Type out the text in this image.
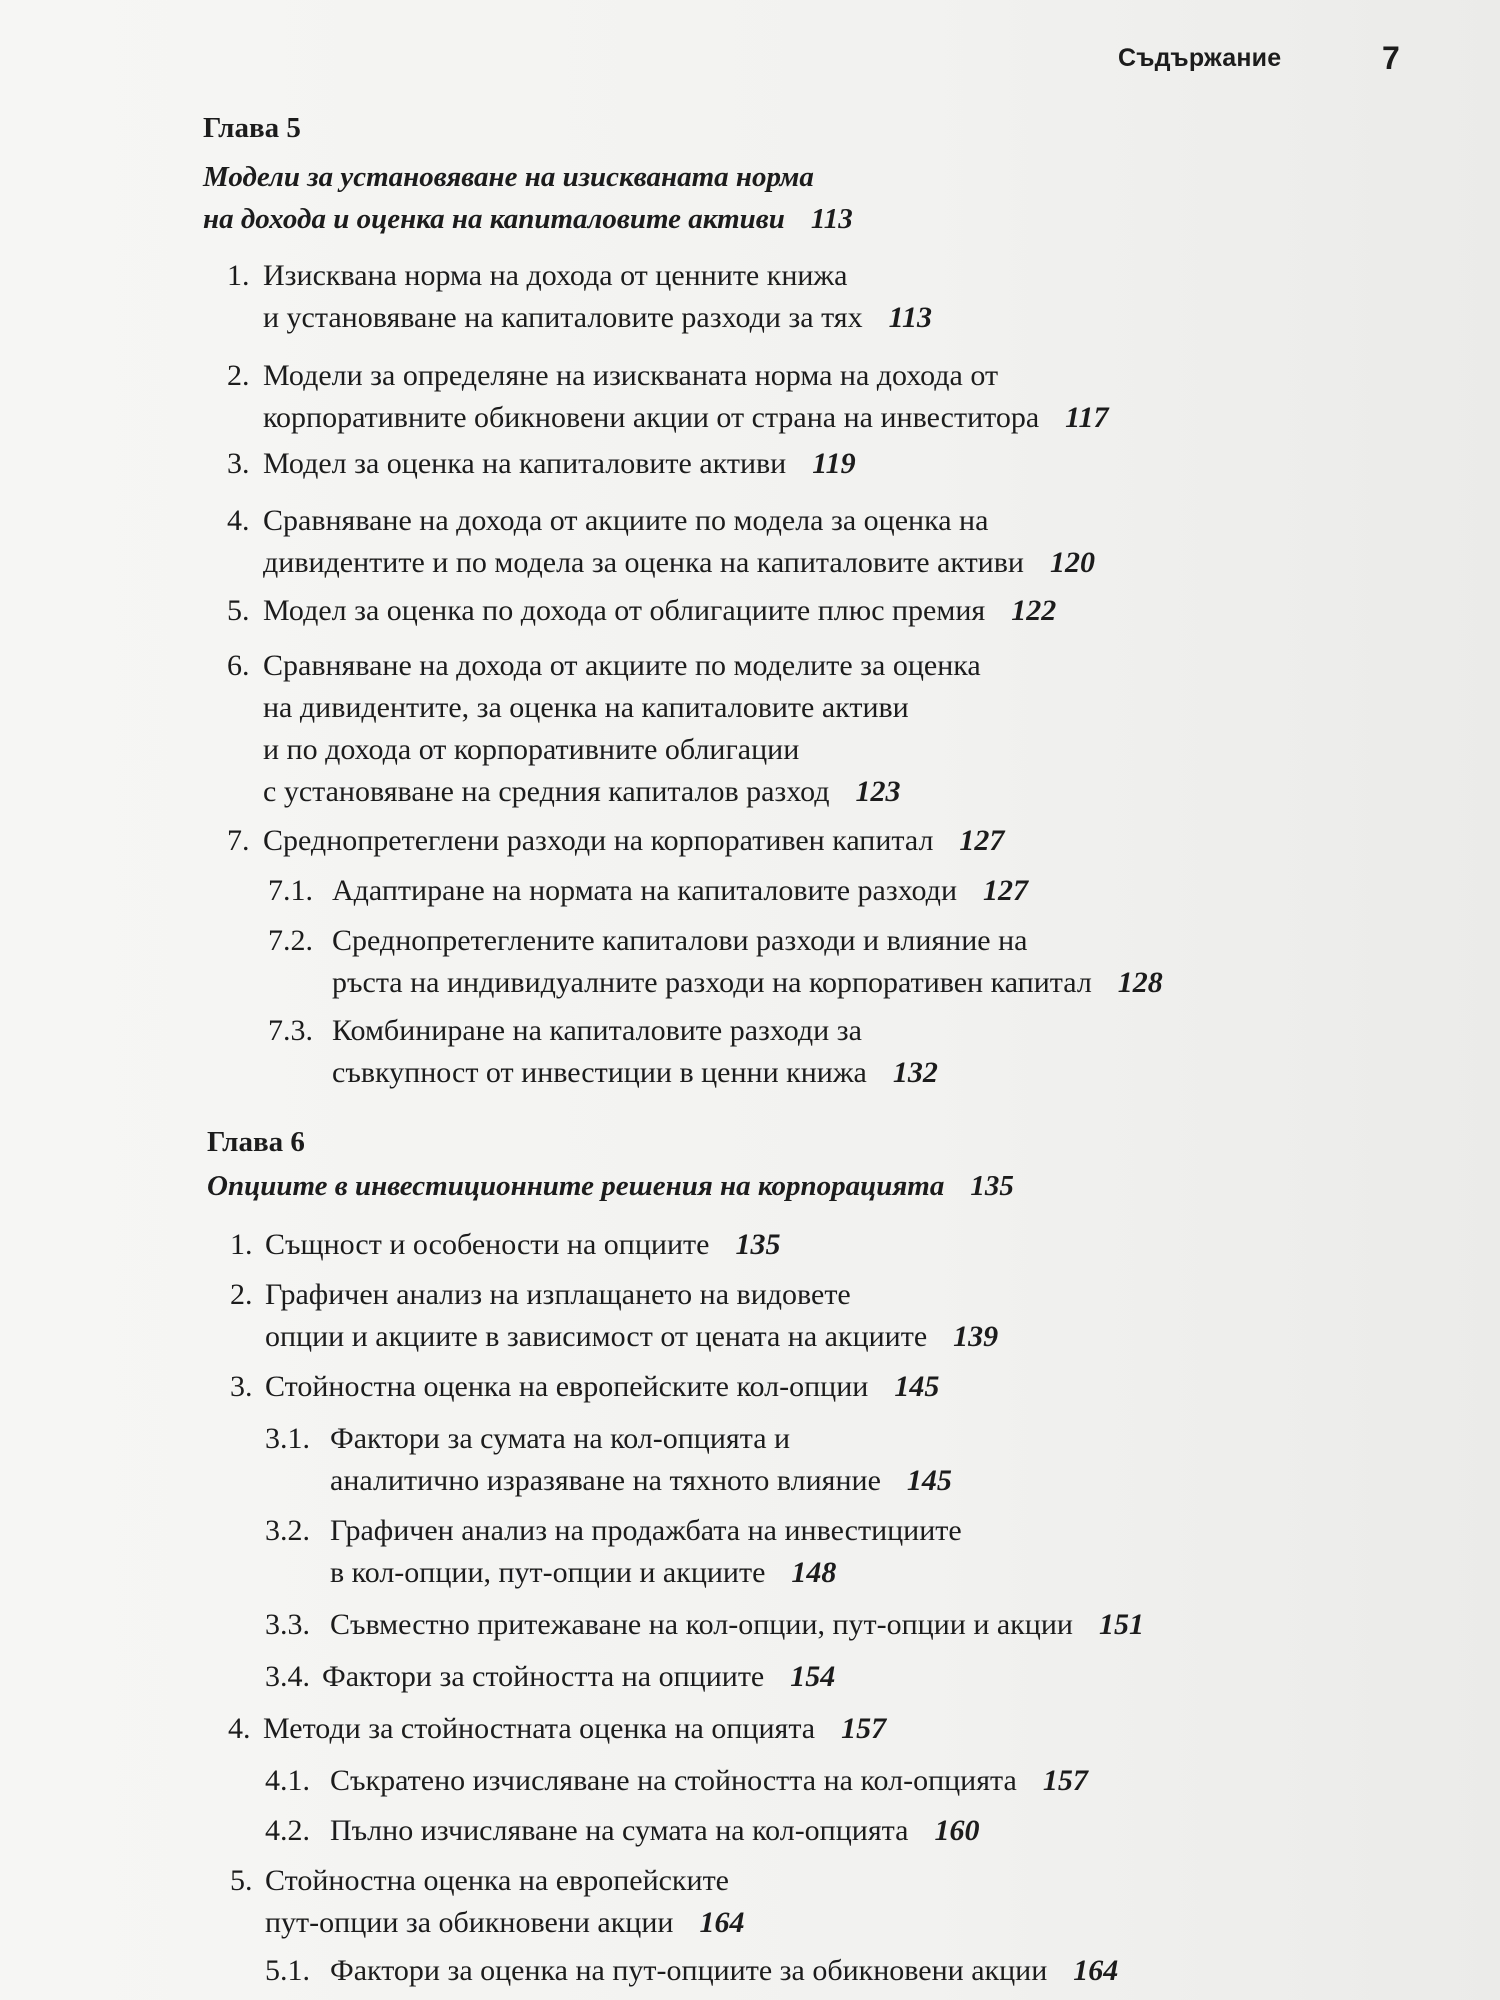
Съдържание	7
Глава 5
Модели за установяване на изискваната норма
на дохода и оценка на капиталовите активи 113
1. Изисквана норма на дохода от ценните книжа
и установяване на капиталовите разходи за тях 113
2. Модели за определяне на изискваната норма на дохода от
корпоративните обикновени акции от страна на инвеститора 117
3. Модел за оценка на капиталовите активи 119
4. Сравняване на дохода от акциите по модела за оценка на
дивидентите и по модела за оценка на капиталовите активи 120
5. Модел за оценка по дохода от облигациите плюс премия 122
6. Сравняване на дохода от акциите по моделите за оценка
на дивидентите, за оценка на капиталовите активи
и по дохода от корпоративните облигации
с установяване на средния капиталов разход 123
7. Среднопретеглени разходи на корпоративен капитал 127
7.1. Адаптиране на нормата на капиталовите разходи 127
7.2. Среднопретеглените капиталови разходи и влияние на
ръста на индивидуалните разходи на корпоративен капитал 128
7.3. Комбиниране на капиталовите разходи за
съвкупност от инвестиции в ценни книжа 132
Глава 6
Опциите в инвестиционните решения на корпорацията 135
1. Същност и особености на опциите 135
2. Графичен анализ на изплащането на видовете
опции и акциите в зависимост от цената на акциите 139
3. Стойностна оценка на европейските кол-опции 145
3.1. Фактори за сумата на кол-опцията и
аналитично изразяване на тяхното влияние 145
3.2. Графичен анализ на продажбата на инвестициите
в кол-опции, пут-опции и акциите 148
3.3. Съвместно притежаване на кол-опции, пут-опции и акции 151
3.4. Фактори за стойността на опциите 154
4. Методи за стойностната оценка на опцията 157
4.1. Съкратено изчисляване на стойността на кол-опцията 157
4.2. Пълно изчисляване на сумата на кол-опцията 160
5. Стойностна оценка на европейските
пут-опции за обикновени акции 164
5.1. Фактори за оценка на пут-опциите за обикновени акции 164
